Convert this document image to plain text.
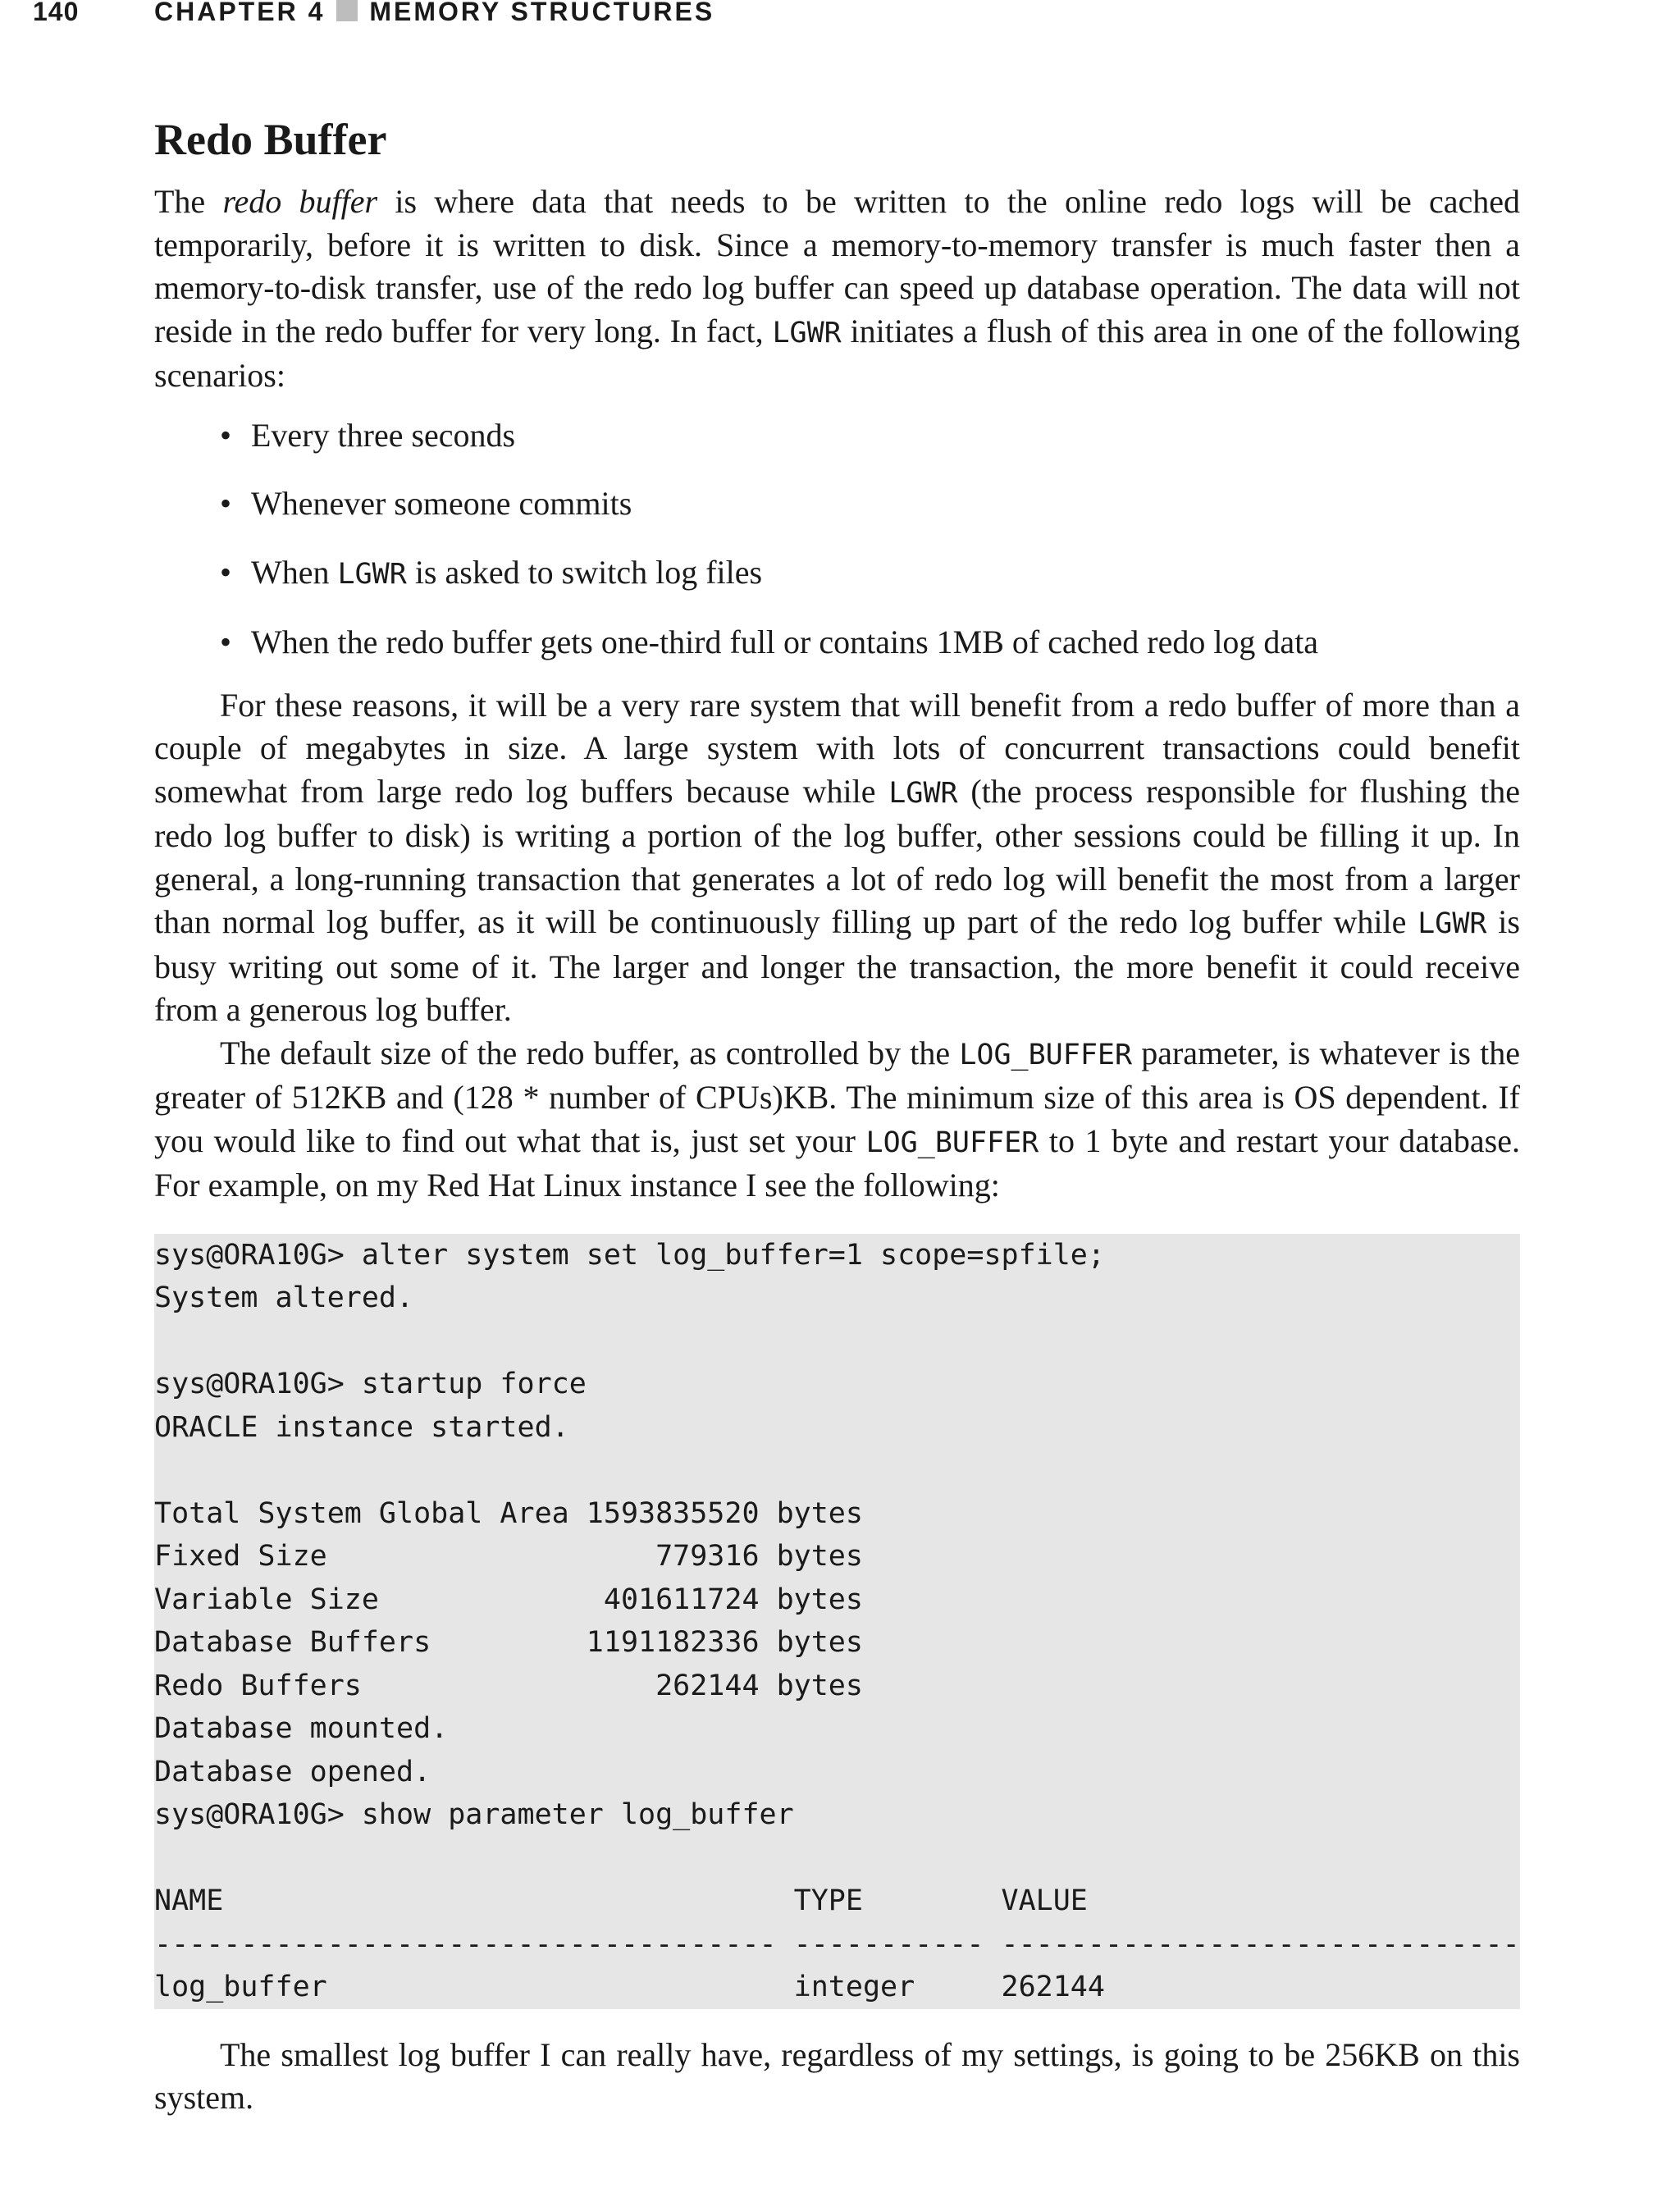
140	CHAPTER 4 MEMORY STRUCTURES
Redo Buffer

The redo buffer is where data that needs to be written to the online redo logs will be cached temporarily, before it is written to disk. Since a memory-to-memory transfer is much faster then a memory-to-disk transfer, use of the redo log buffer can speed up database operation. The data will not reside in the redo buffer for very long. In fact, LGWR initiates a flush of this area in one of the following scenarios:

• Every three seconds
• Whenever someone commits
• When LGWR is asked to switch log files
• When the redo buffer gets one-third full or contains 1MB of cached redo log data

For these reasons, it will be a very rare system that will benefit from a redo buffer of more than a couple of megabytes in size. A large system with lots of concurrent transactions could benefit somewhat from large redo log buffers because while LGWR (the process responsible for flushing the redo log buffer to disk) is writing a portion of the log buffer, other sessions could be filling it up. In general, a long-running transaction that generates a lot of redo log will benefit the most from a larger than normal log buffer, as it will be continuously filling up part of the redo log buffer while LGWR is busy writing out some of it. The larger and longer the transaction, the more benefit it could receive from a generous log buffer.

The default size of the redo buffer, as controlled by the LOG_BUFFER parameter, is whatever is the greater of 512KB and (128 * number of CPUs)KB. The minimum size of this area is OS dependent. If you would like to find out what that is, just set your LOG_BUFFER to 1 byte and restart your database. For example, on my Red Hat Linux instance I see the following:

sys@ORA10G> alter system set log_buffer=1 scope=spfile;
System altered.

sys@ORA10G> startup force
ORACLE instance started.

Total System Global Area 1593835520 bytes
Fixed Size                   779316 bytes
Variable Size             401611724 bytes
Database Buffers         1191182336 bytes
Redo Buffers                 262144 bytes
Database mounted.
Database opened.
sys@ORA10G> show parameter log_buffer

NAME                                 TYPE        VALUE
------------------------------------ ----------- ------------------------------
log_buffer                           integer     262144

The smallest log buffer I can really have, regardless of my settings, is going to be 256KB on this system.
